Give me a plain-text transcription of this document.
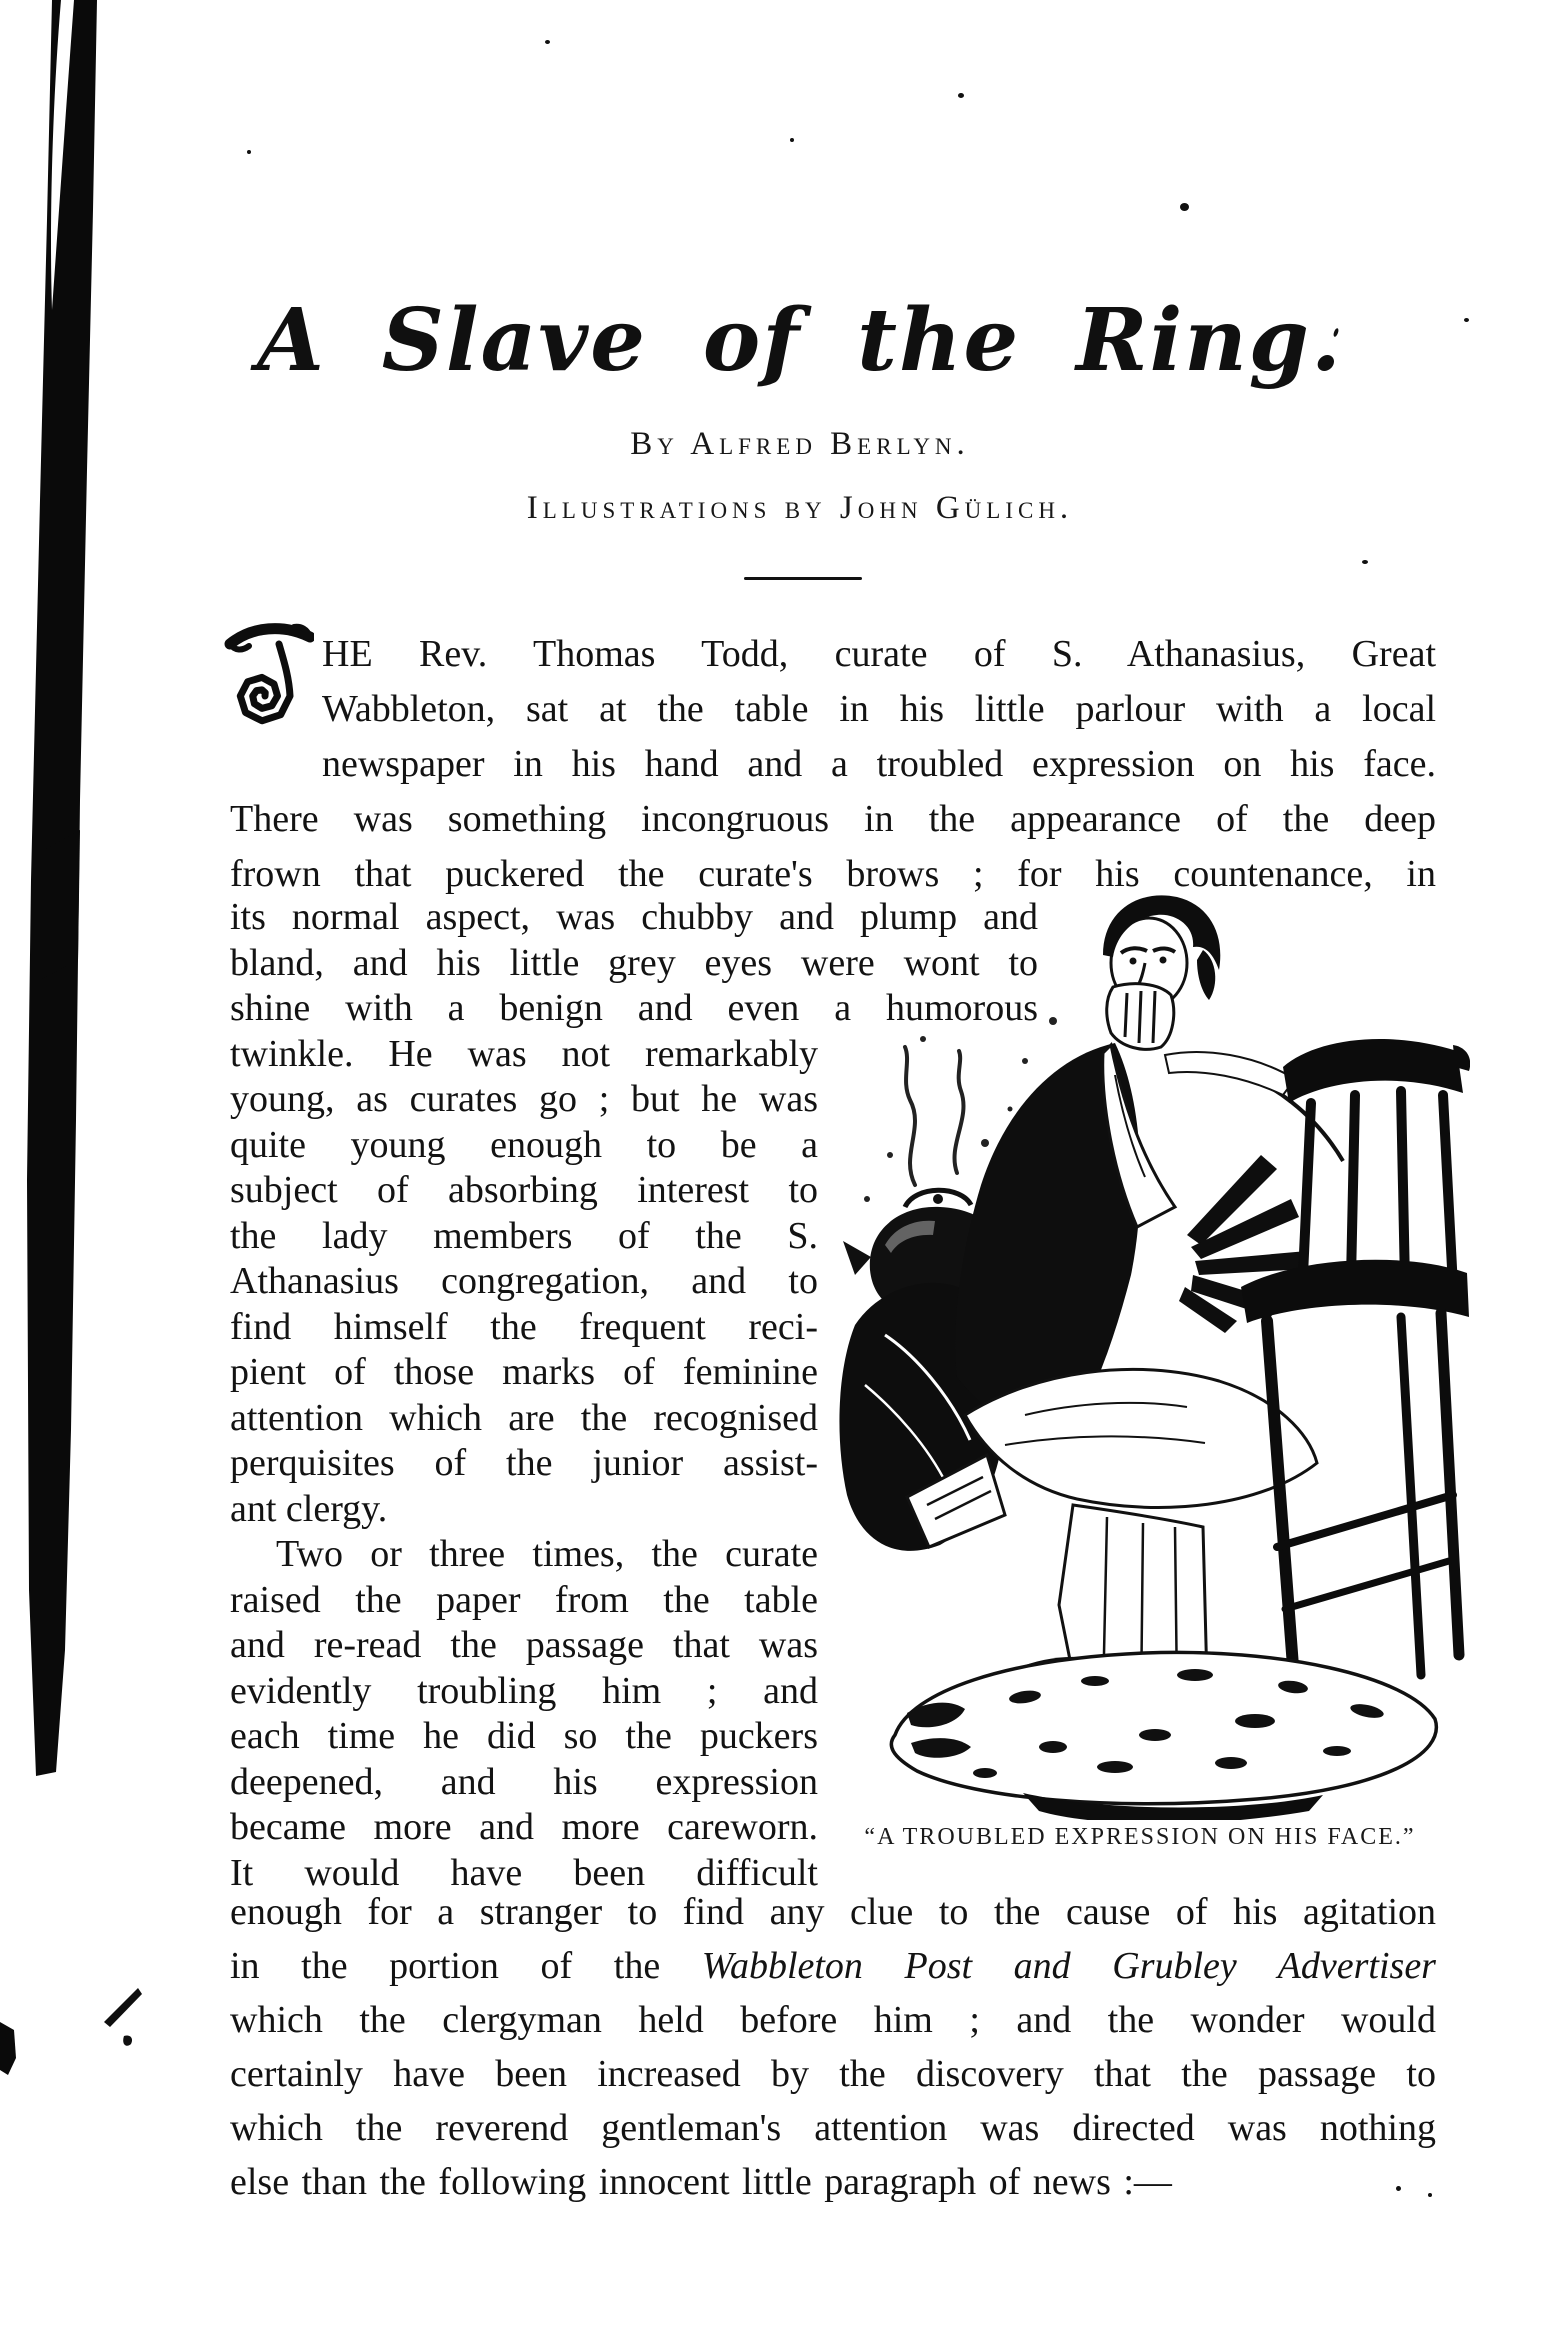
A Slave of the Ring.
By Alfred Berlyn.
Illustrations by John Gülich.
HE Rev. Thomas Todd, curate of S. Athanasius, Great
Wabbleton, sat at the table in his little parlour with a local
newspaper in his hand and a troubled expression on his face.
There was something incongruous in the appearance of the deep
frown that puckered the curate's brows ; for his countenance, in
its normal aspect, was chubby and plump and
bland, and his little grey eyes were wont to
shine with a benign and even a humorous
twinkle. He was not remarkably
young, as curates go ; but he was
quite young enough to be a
subject of absorbing interest to
the lady members of the S.
Athanasius congregation, and to
find himself the frequent reci-
pient of those marks of feminine
attention which are the recognised
perquisites of the junior assist-
ant clergy.
Two or three times, the curate
raised the paper from the table
and re-read the passage that was
evidently troubling him ; and
each time he did so the puckers
deepened, and his expression
became more and more careworn.
It would have been difficult
enough for a stranger to find any clue to the cause of his agitation
in the portion of the Wabbleton Post and Grubley Advertiser
which the clergyman held before him ; and the wonder would
certainly have been increased by the discovery that the passage to
which the reverend gentleman's attention was directed was nothing
else than the following innocent little paragraph of news :—
“A TROUBLED EXPRESSION ON HIS FACE.”
